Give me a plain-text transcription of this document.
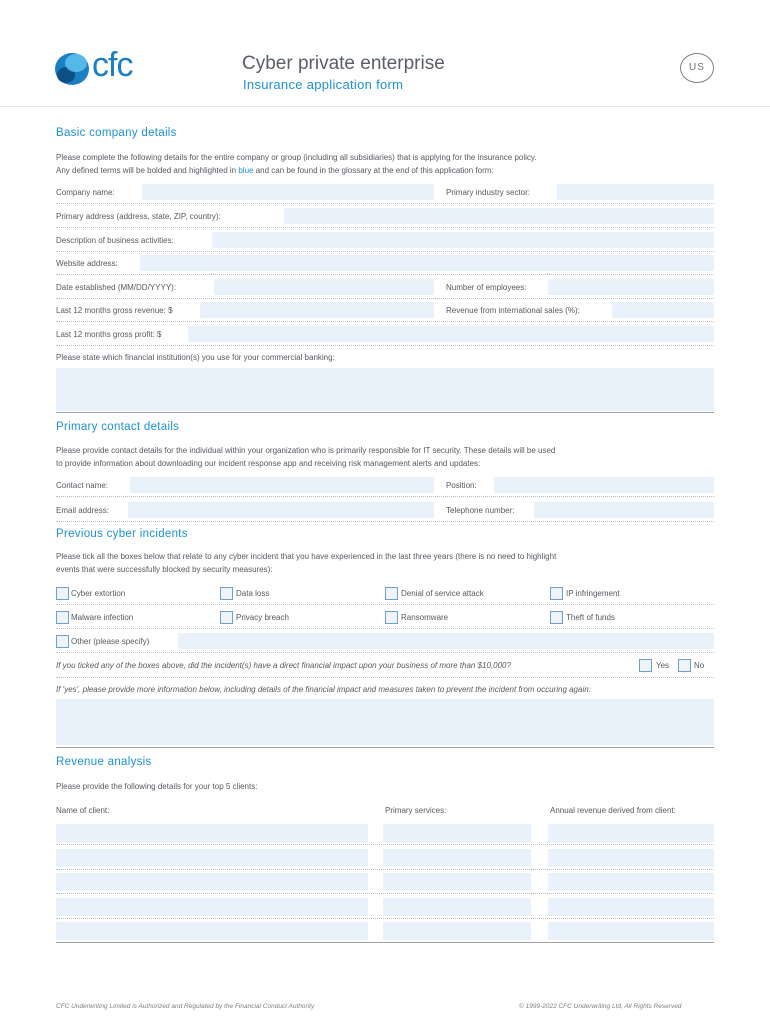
cfc	Cyber private enterprise
Insurance application form
US
Basic company details
Please complete the following details for the entire company or group (including all subsidiaries) that is applying for the insurance policy.
Any defined terms will be bolded and highlighted in blue and can be found in the glossary at the end of this application form:
Company name:	Primary industry sector:
Primary address (address, state, ZIP, country):
Description of business activities:
Website address:
Date established (MM/DD/YYYY):	Number of employees:
Last 12 months gross revenue: $	Revenue from international sales (%):
Last 12 months gross profit: $
Please state which financial institution(s) you use for your commercial banking:
Primary contact details
Please provide contact details for the individual within your organization who is primarily responsible for IT security. These details will be used
to provide information about downloading our incident response app and receiving risk management alerts and updates:
Contact name:	Position:
Email address:	Telephone number:
Previous cyber incidents
Please tick all the boxes below that relate to any cyber incident that you have experienced in the last three years (there is no need to highlight
events that were successfully blocked by security measures):
Cyber extortion	Data loss	Denial of service attack	IP infringement
Malware infection	Privacy breach	Ransomware	Theft of funds
Other (please specify)
If you ticked any of the boxes above, did the incident(s) have a direct financial impact upon your business of more than $10,000?	Yes	No
If 'yes', please provide more information below, including details of the financial impact and measures taken to prevent the incident from occuring again:
Revenue analysis
Please provide the following details for your top 5 clients:
Name of client:	Primary services:	Annual revenue derived from client:
CFC Underwriting Limited is Authorized and Regulated by the Financial Conduct Authority	© 1999-2022 CFC Underwriting Ltd, All Rights Reserved
